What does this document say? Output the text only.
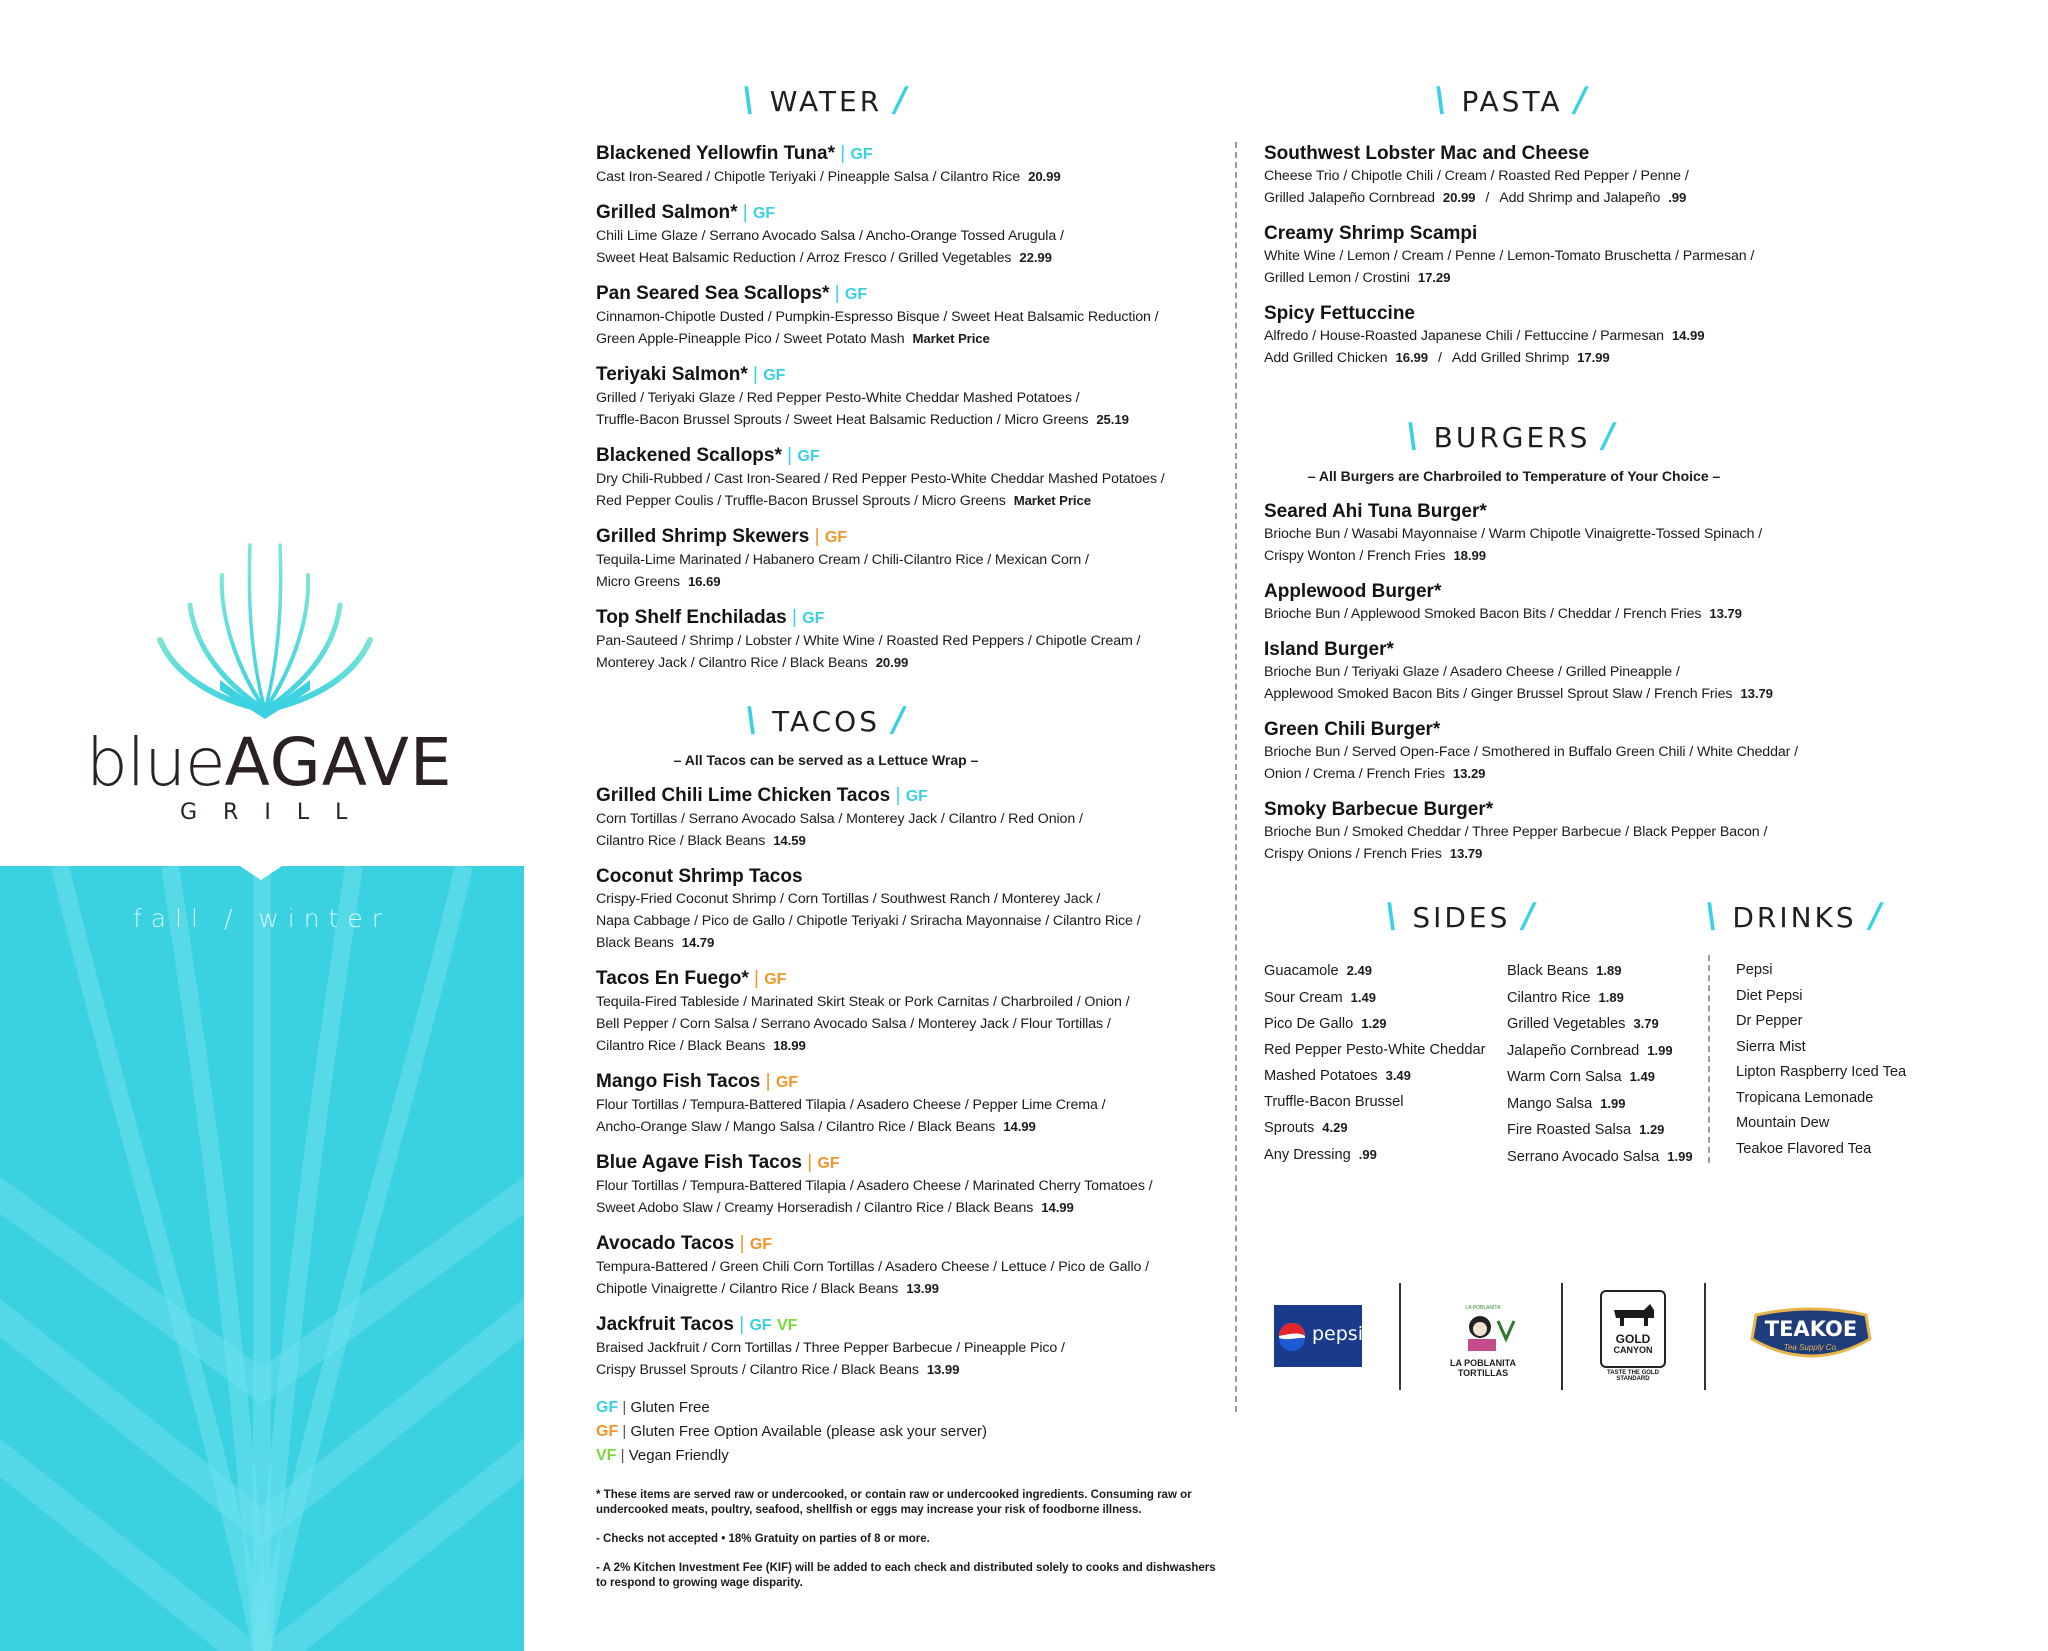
blueAGAVE
GRILL
fall / winter
\ WATER /
Blackened Yellowfin Tuna* | GF
Cast Iron-Seared / Chipotle Teriyaki / Pineapple Salsa / Cilantro Rice 20.99
Grilled Salmon* | GF
Chili Lime Glaze / Serrano Avocado Salsa / Ancho-Orange Tossed Arugula /
Sweet Heat Balsamic Reduction / Arroz Fresco / Grilled Vegetables 22.99
Pan Seared Sea Scallops* | GF
Cinnamon-Chipotle Dusted / Pumpkin-Espresso Bisque / Sweet Heat Balsamic Reduction /
Green Apple-Pineapple Pico / Sweet Potato Mash Market Price
Teriyaki Salmon* | GF
Grilled / Teriyaki Glaze / Red Pepper Pesto-White Cheddar Mashed Potatoes /
Truffle-Bacon Brussel Sprouts / Sweet Heat Balsamic Reduction / Micro Greens 25.19
Blackened Scallops* | GF
Dry Chili-Rubbed / Cast Iron-Seared / Red Pepper Pesto-White Cheddar Mashed Potatoes /
Red Pepper Coulis / Truffle-Bacon Brussel Sprouts / Micro Greens Market Price
Grilled Shrimp Skewers | GF
Tequila-Lime Marinated / Habanero Cream / Chili-Cilantro Rice / Mexican Corn /
Micro Greens 16.69
Top Shelf Enchiladas | GF
Pan-Sauteed / Shrimp / Lobster / White Wine / Roasted Red Peppers / Chipotle Cream /
Monterey Jack / Cilantro Rice / Black Beans 20.99
\ TACOS /
– All Tacos can be served as a Lettuce Wrap –
Grilled Chili Lime Chicken Tacos | GF
Corn Tortillas / Serrano Avocado Salsa / Monterey Jack / Cilantro / Red Onion /
Cilantro Rice / Black Beans 14.59
Coconut Shrimp Tacos
Crispy-Fried Coconut Shrimp / Corn Tortillas / Southwest Ranch / Monterey Jack /
Napa Cabbage / Pico de Gallo / Chipotle Teriyaki / Sriracha Mayonnaise / Cilantro Rice /
Black Beans 14.79
Tacos En Fuego* | GF
Tequila-Fired Tableside / Marinated Skirt Steak or Pork Carnitas / Charbroiled / Onion /
Bell Pepper / Corn Salsa / Serrano Avocado Salsa / Monterey Jack / Flour Tortillas /
Cilantro Rice / Black Beans 18.99
Mango Fish Tacos | GF
Flour Tortillas / Tempura-Battered Tilapia / Asadero Cheese / Pepper Lime Crema /
Ancho-Orange Slaw / Mango Salsa / Cilantro Rice / Black Beans 14.99
Blue Agave Fish Tacos | GF
Flour Tortillas / Tempura-Battered Tilapia / Asadero Cheese / Marinated Cherry Tomatoes /
Sweet Adobo Slaw / Creamy Horseradish / Cilantro Rice / Black Beans 14.99
Avocado Tacos | GF
Tempura-Battered / Green Chili Corn Tortillas / Asadero Cheese / Lettuce / Pico de Gallo /
Chipotle Vinaigrette / Cilantro Rice / Black Beans 13.99
Jackfruit Tacos | GF VF
Braised Jackfruit / Corn Tortillas / Three Pepper Barbecue / Pineapple Pico /
Crispy Brussel Sprouts / Cilantro Rice / Black Beans 13.99
\ PASTA /
Southwest Lobster Mac and Cheese
Cheese Trio / Chipotle Chili / Cream / Roasted Red Pepper / Penne /
Grilled Jalapeño Cornbread 20.99 / Add Shrimp and Jalapeño .99
Creamy Shrimp Scampi
White Wine / Lemon / Cream / Penne / Lemon-Tomato Bruschetta / Parmesan /
Grilled Lemon / Crostini 17.29
Spicy Fettuccine
Alfredo / House-Roasted Japanese Chili / Fettuccine / Parmesan 14.99
Add Grilled Chicken 16.99 / Add Grilled Shrimp 17.99
\ BURGERS /
– All Burgers are Charbroiled to Temperature of Your Choice –
Seared Ahi Tuna Burger*
Brioche Bun / Wasabi Mayonnaise / Warm Chipotle Vinaigrette-Tossed Spinach /
Crispy Wonton / French Fries 18.99
Applewood Burger*
Brioche Bun / Applewood Smoked Bacon Bits / Cheddar / French Fries 13.79
Island Burger*
Brioche Bun / Teriyaki Glaze / Asadero Cheese / Grilled Pineapple /
Applewood Smoked Bacon Bits / Ginger Brussel Sprout Slaw / French Fries 13.79
Green Chili Burger*
Brioche Bun / Served Open-Face / Smothered in Buffalo Green Chili / White Cheddar /
Onion / Crema / French Fries 13.29
Smoky Barbecue Burger*
Brioche Bun / Smoked Cheddar / Three Pepper Barbecue / Black Pepper Bacon /
Crispy Onions / French Fries 13.79
\ SIDES /
Guacamole 2.49
Sour Cream 1.49
Pico De Gallo 1.29
Red Pepper Pesto-White Cheddar
Mashed Potatoes 3.49
Truffle-Bacon Brussel
Sprouts 4.29
Any Dressing .99
Black Beans 1.89
Cilantro Rice 1.89
Grilled Vegetables 3.79
Jalapeño Cornbread 1.99
Warm Corn Salsa 1.49
Mango Salsa 1.99
Fire Roasted Salsa 1.29
Serrano Avocado Salsa 1.99
\ DRINKS /
Pepsi
Diet Pepsi
Dr Pepper
Sierra Mist
Lipton Raspberry Iced Tea
Tropicana Lemonade
Mountain Dew
Teakoe Flavored Tea
GF | Gluten Free
GF | Gluten Free Option Available (please ask your server)
VF | Vegan Friendly

* These items are served raw or undercooked, or contain raw or undercooked ingredients. Consuming raw or undercooked meats, poultry, seafood, shellfish or eggs may increase your risk of foodborne illness.

- Checks not accepted • 18% Gratuity on parties of 8 or more.

- A 2% Kitchen Investment Fee (KIF) will be added to each check and distributed solely to cooks and dishwashers to respond to growing wage disparity.

pepsi
LA POBLANITA
LA POBLANITA TORTILLAS
GOLD
CANYON
TASTE THE GOLD STANDARD
TEAKOE
Tea Supply Co.
